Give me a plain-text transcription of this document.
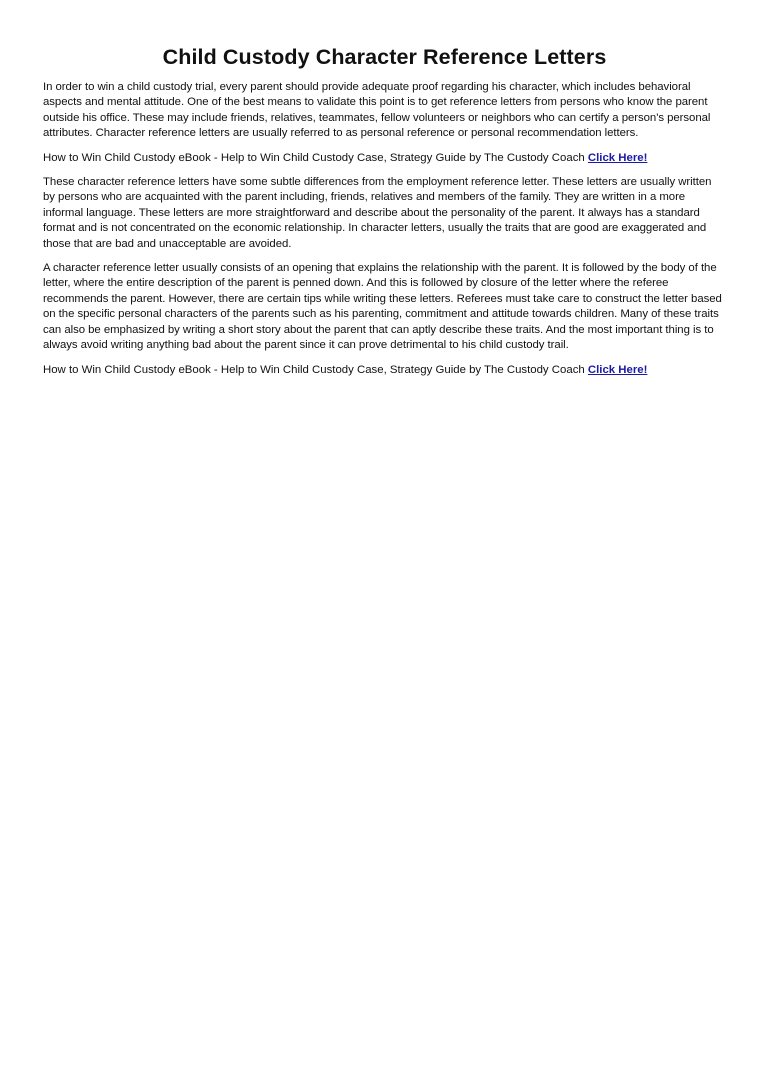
Child Custody Character Reference Letters

In order to win a child custody trial, every parent should provide adequate proof regarding his character, which includes behavioral aspects and mental attitude. One of the best means to validate this point is to get reference letters from persons who know the parent outside his office. These may include friends, relatives, teammates, fellow volunteers or neighbors who can certify a person's personal attributes. Character reference letters are usually referred to as personal reference or personal recommendation letters.

How to Win Child Custody eBook - Help to Win Child Custody Case, Strategy Guide by The Custody Coach Click Here!

These character reference letters have some subtle differences from the employment reference letter. These letters are usually written by persons who are acquainted with the parent including, friends, relatives and members of the family. They are written in a more informal language. These letters are more straightforward and describe about the personality of the parent. It always has a standard format and is not concentrated on the economic relationship. In character letters, usually the traits that are good are exaggerated and those that are bad and unacceptable are avoided.

A character reference letter usually consists of an opening that explains the relationship with the parent. It is followed by the body of the letter, where the entire description of the parent is penned down. And this is followed by closure of the letter where the referee recommends the parent. However, there are certain tips while writing these letters. Referees must take care to construct the letter based on the specific personal characters of the parents such as his parenting, commitment and attitude towards children. Many of these traits can also be emphasized by writing a short story about the parent that can aptly describe these traits. And the most important thing is to always avoid writing anything bad about the parent since it can prove detrimental to his child custody trail.

How to Win Child Custody eBook - Help to Win Child Custody Case, Strategy Guide by The Custody Coach Click Here!
